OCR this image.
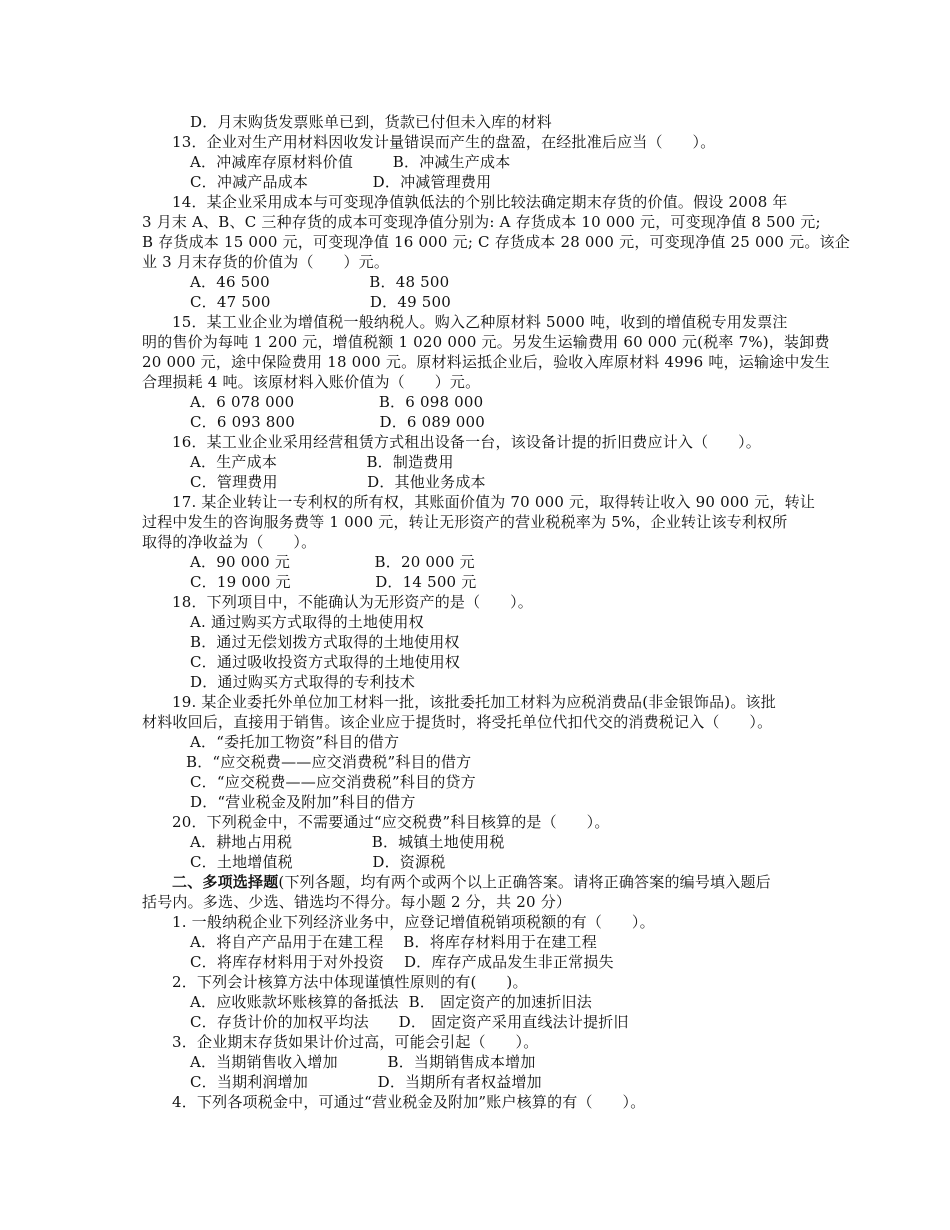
D．月末购货发票账单已到，货款已付但未入库的材料
13．企业对生产用材料因收发计量错误而产生的盘盈，在经批准后应当（      ）。
A．冲减库存原材料价值        B．冲减生产成本
C．冲减产品成本             D．冲减管理费用
14．某企业采用成本与可变现净值孰低法的个别比较法确定期末存货的价值。假设 2008 年
3 月末 A、B、C 三种存货的成本可变现净值分别为: A 存货成本 10 000 元，可变现净值 8 500 元;
B 存货成本 15 000 元，可变现净值 16 000 元; C 存货成本 28 000 元，可变现净值 25 000 元。该企
业 3 月末存货的价值为（      ）元。
A．46 500                    B．48 500
C．47 500                    D．49 500
15．某工业企业为增值税一般纳税人。购入乙种原材料 5000 吨，收到的增值税专用发票注
明的售价为每吨 1 200 元，增值税额 1 020 000 元。另发生运输费用 60 000 元(税率 7%)，装卸费
20 000 元，途中保险费用 18 000 元。原材料运抵企业后，验收入库原材料 4996 吨，运输途中发生
合理损耗 4 吨。该原材料入账价值为（      ）元。
A．6 078 000                 B．6 098 000
C．6 093 800                 D．6 089 000
16．某工业企业采用经营租赁方式租出设备一台，该设备计提的折旧费应计入（      ）。
A．生产成本                  B．制造费用
C．管理费用                  D．其他业务成本
17. 某企业转让一专利权的所有权，其账面价值为 70 000 元，取得转让收入 90 000 元，转让
过程中发生的咨询服务费等 1 000 元，转让无形资产的营业税税率为 5%，企业转让该专利权所
取得的净收益为（      ）。
A．90 000 元                 B．20 000 元
C．19 000 元                 D．14 500 元
18．下列项目中，不能确认为无形资产的是（      ）。
A. 通过购买方式取得的土地使用权
B．通过无偿划拨方式取得的土地使用权
C．通过吸收投资方式取得的土地使用权
D．通过购买方式取得的专利技术
19. 某企业委托外单位加工材料一批，该批委托加工材料为应税消费品(非金银饰品)。该批
材料收回后，直接用于销售。该企业应于提货时，将受托单位代扣代交的消费税记入（      ）。
A．“委托加工物资”科目的借方
B．“应交税费——应交消费税”科目的借方
C．“应交税费——应交消费税”科目的贷方
D．“营业税金及附加”科目的借方
20．下列税金中，不需要通过“应交税费”科目核算的是（      ）。
A．耕地占用税                B．城镇土地使用税
C．土地增值税                D．资源税
二、多项选择题(下列各题，均有两个或两个以上正确答案。请将正确答案的编号填入题后
括号内。多选、少选、错选均不得分。每小题 2 分，共 20 分）
1. 一般纳税企业下列经济业务中，应登记增值税销项税额的有（      ）。
A．将自产产品用于在建工程    B．将库存材料用于在建工程
C．将库存材料用于对外投资    D．库存产成品发生非正常损失
2．下列会计核算方法中体现谨慎性原则的有(      )。
A．应收账款坏账核算的备抵法  B． 固定资产的加速折旧法
C．存货计价的加权平均法      D． 固定资产采用直线法计提折旧
3．企业期末存货如果计价过高，可能会引起（      ）。
A．当期销售收入增加          B．当期销售成本增加
C．当期利润增加              D．当期所有者权益增加
4．下列各项税金中，可通过“营业税金及附加”账户核算的有（      ）。
